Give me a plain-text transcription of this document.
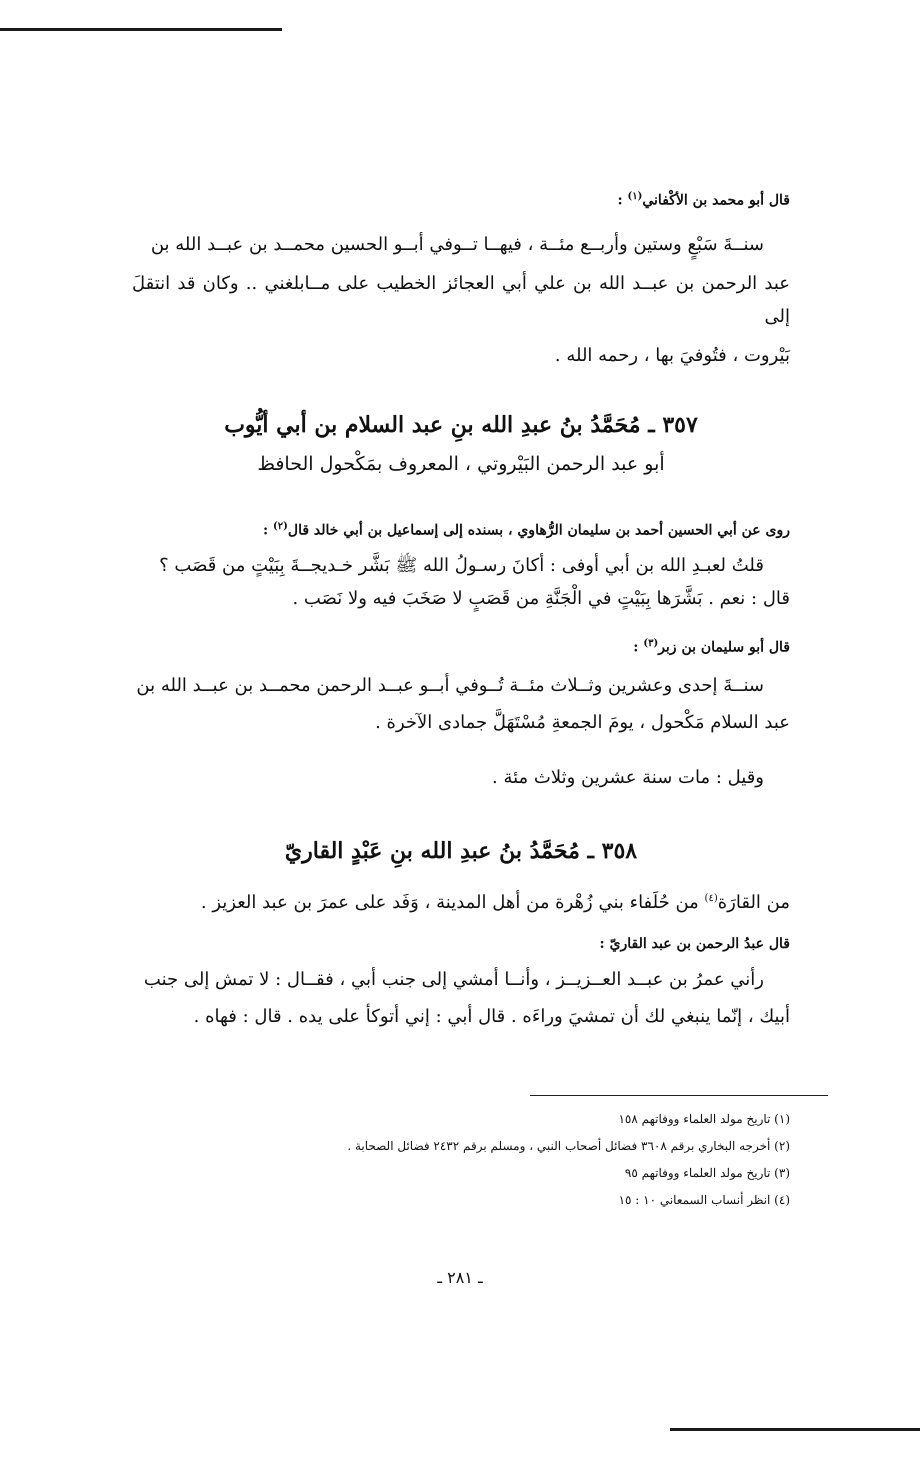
قال أبو محمد بن الأكْفاني$^{(١)}$ :

سنــةَ سَبْعٍ وستين وأربــع مئــة ، فيهــا تــوفي أبــو الحسين محمــد بن عبــد الله بن

عبد الرحمن بن عبــد الله بن علي أبي العجائز الخطيب على مــابلغني .. وكان قد انتقلَ إلى

بَيْروت ، فتُوفيَ بها ، رحمه الله .

٣٥٧ ـ مُحَمَّدُ بنُ عبدِ الله بنِ عبد السلام بن أبي أيُّوب

أبو عبد الرحمن البَيْروتي ، المعروف بمَكْحول الحافظ

روى عن أبي الحسين أحمد بن سليمان الرُّهاوي ، بسنده إلى إسماعيل بن أبي خالد قال$^{(٢)}$ :

قلتُ لعبـدِ الله بن أبي أوفى : أكانَ رسـولُ الله ﷺ بَشَّر خـديجــةَ بِبَيْتٍ من قَصَب ؟

قال : نعم . بَشَّرَها بِبَيْتٍ في الْجَنَّةِ من قَصَبٍ لا صَخَبَ فيه ولا نَصَب .

قال أبو سليمان بن زبر$^{(٣)}$ :

سنــةَ إحدى وعشرين وثــلاث مئــة تُــوفي أبــو عبــد الرحمن محمــد بن عبــد الله بن

عبد السلام مَكْحول ، يومَ الجمعةِ مُسْتَهَلَّ جمادى الآخرة .

وقيل : مات سنة عشرين وثلاث مئة .

٣٥٨ ـ مُحَمَّدُ بنُ عبدِ الله بنِ عَبْدٍ القاريّ

من القارَة$^{(٤)}$ من حُلَفاء بني زُهْرة من أهل المدينة ، وَفَد على عمرَ بن عبد العزيز .

قال عبدُ الرحمن بن عبد القاريّ :

رأني عمرُ بن عبــد العــزيــز ، وأنــا أمشي إلى جنب أبي ، فقــال : لا تمش إلى جنب

أبيك ، إنّما ينبغي لك أن تمشيَ وراءَه . قال أبي : إني أتوكأ على يده . قال : فهاه .

(١) تاريخ مولد العلماء ووفاتهم ١٥٨

(٢) أخرجه البخاري برقم ٣٦٠٨ فضائل أصحاب النبي ، ومسلم برقم ٢٤٣٢ فضائل الصحابة .

(٣) تاريخ مولد العلماء ووفاتهم ٩٥

(٤) انظر أنساب السمعاني ١٠ : ١٥

ـ ٢٨١ ـ
